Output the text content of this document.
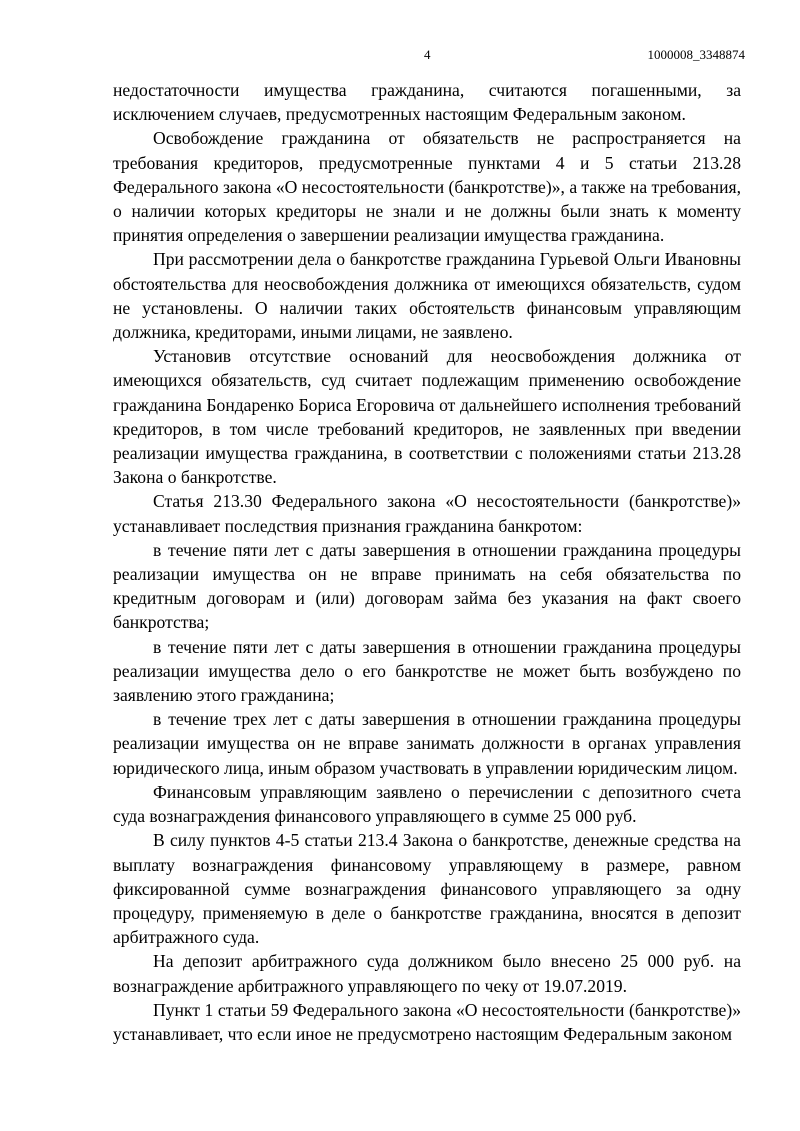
4	1000008_3348874

недостаточности имущества гражданина, считаются погашенными, за исключением случаев, предусмотренных настоящим Федеральным законом.

Освобождение гражданина от обязательств не распространяется на требования кредиторов, предусмотренные пунктами 4 и 5 статьи 213.28 Федерального закона «О несостоятельности (банкротстве)», а также на требования, о наличии которых кредиторы не знали и не должны были знать к моменту принятия определения о завершении реализации имущества гражданина.

При рассмотрении дела о банкротстве гражданина Гурьевой Ольги Ивановны обстоятельства для неосвобождения должника от имеющихся обязательств, судом не установлены. О наличии таких обстоятельств финансовым управляющим должника, кредиторами, иными лицами, не заявлено.

Установив отсутствие оснований для неосвобождения должника от имеющихся обязательств, суд считает подлежащим применению освобождение гражданина Бондаренко Бориса Егоровича от дальнейшего исполнения требований кредиторов, в том числе требований кредиторов, не заявленных при введении реализации имущества гражданина, в соответствии с положениями статьи 213.28 Закона о банкротстве.

Статья 213.30 Федерального закона «О несостоятельности (банкротстве)» устанавливает последствия признания гражданина банкротом:

в течение пяти лет с даты завершения в отношении гражданина процедуры реализации имущества он не вправе принимать на себя обязательства по кредитным договорам и (или) договорам займа без указания на факт своего банкротства;

в течение пяти лет с даты завершения в отношении гражданина процедуры реализации имущества дело о его банкротстве не может быть возбуждено по заявлению этого гражданина;

в течение трех лет с даты завершения в отношении гражданина процедуры реализации имущества он не вправе занимать должности в органах управления юридического лица, иным образом участвовать в управлении юридическим лицом.

Финансовым управляющим заявлено о перечислении с депозитного счета суда вознаграждения финансового управляющего в сумме 25 000 руб.

В силу пунктов 4-5 статьи 213.4 Закона о банкротстве, денежные средства на выплату вознаграждения финансовому управляющему в размере, равном фиксированной сумме вознаграждения финансового управляющего за одну процедуру, применяемую в деле о банкротстве гражданина, вносятся в депозит арбитражного суда.

На депозит арбитражного суда должником было внесено 25 000 руб. на вознаграждение арбитражного управляющего по чеку от 19.07.2019.

Пункт 1 статьи 59 Федерального закона «О несостоятельности (банкротстве)» устанавливает, что если иное не предусмотрено настоящим Федеральным законом
